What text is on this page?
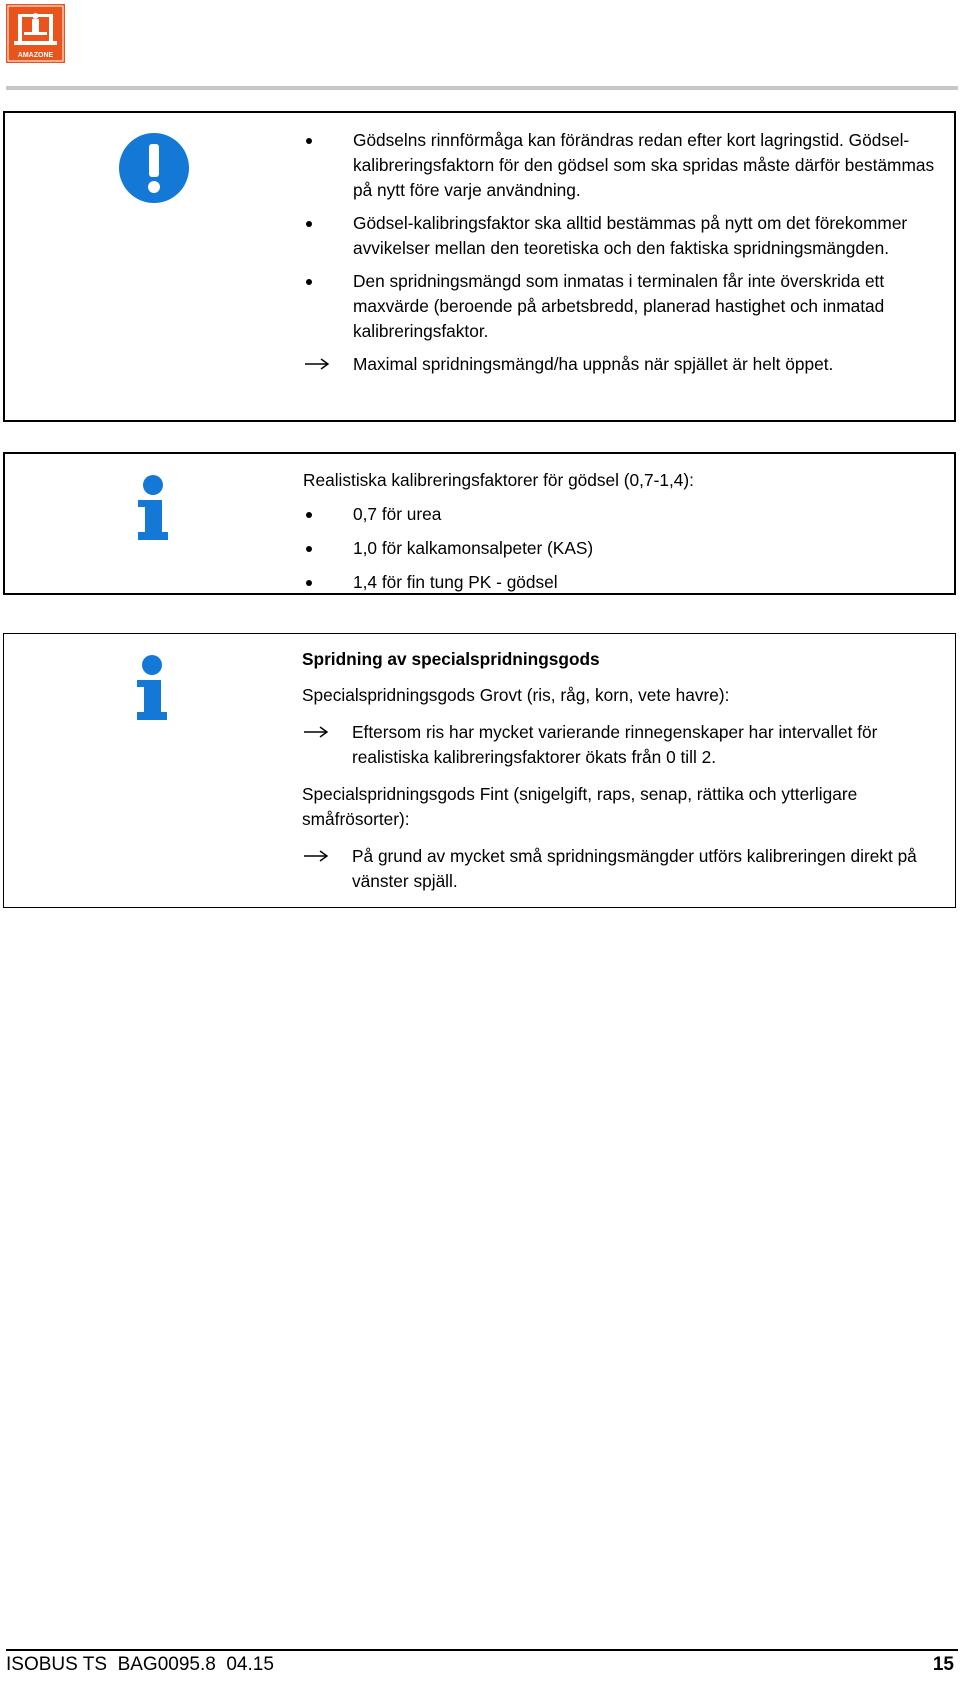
AMAZONE

Gödselns rinnförmåga kan förändras redan efter kort lagringstid. Gödsel-kalibreringsfaktorn för den gödsel som ska spridas måste därför bestämmas på nytt före varje användning.

Gödsel-kalibringsfaktor ska alltid bestämmas på nytt om det förekommer avvikelser mellan den teoretiska och den faktiska spridningsmängden.

Den spridningsmängd som inmatas i terminalen får inte överskrida ett maxvärde (beroende på arbetsbredd, planerad hastighet och inmatad kalibreringsfaktor.

Maximal spridningsmängd/ha uppnås när spjället är helt öppet.

Realistiska kalibreringsfaktorer för gödsel (0,7-1,4):

0,7 för urea

1,0 för kalkamonsalpeter (KAS)

1,4 för fin tung PK - gödsel

Spridning av specialspridningsgods

Specialspridningsgods Grovt (ris, råg, korn, vete havre):

Eftersom ris har mycket varierande rinnegenskaper har intervallet för realistiska kalibreringsfaktorer ökats från 0 till 2.

Specialspridningsgods Fint (snigelgift, raps, senap, rättika och ytterligare småfrösorter):

På grund av mycket små spridningsmängder utförs kalibreringen direkt på vänster spjäll.

ISOBUS TS  BAG0095.8  04.15	15
